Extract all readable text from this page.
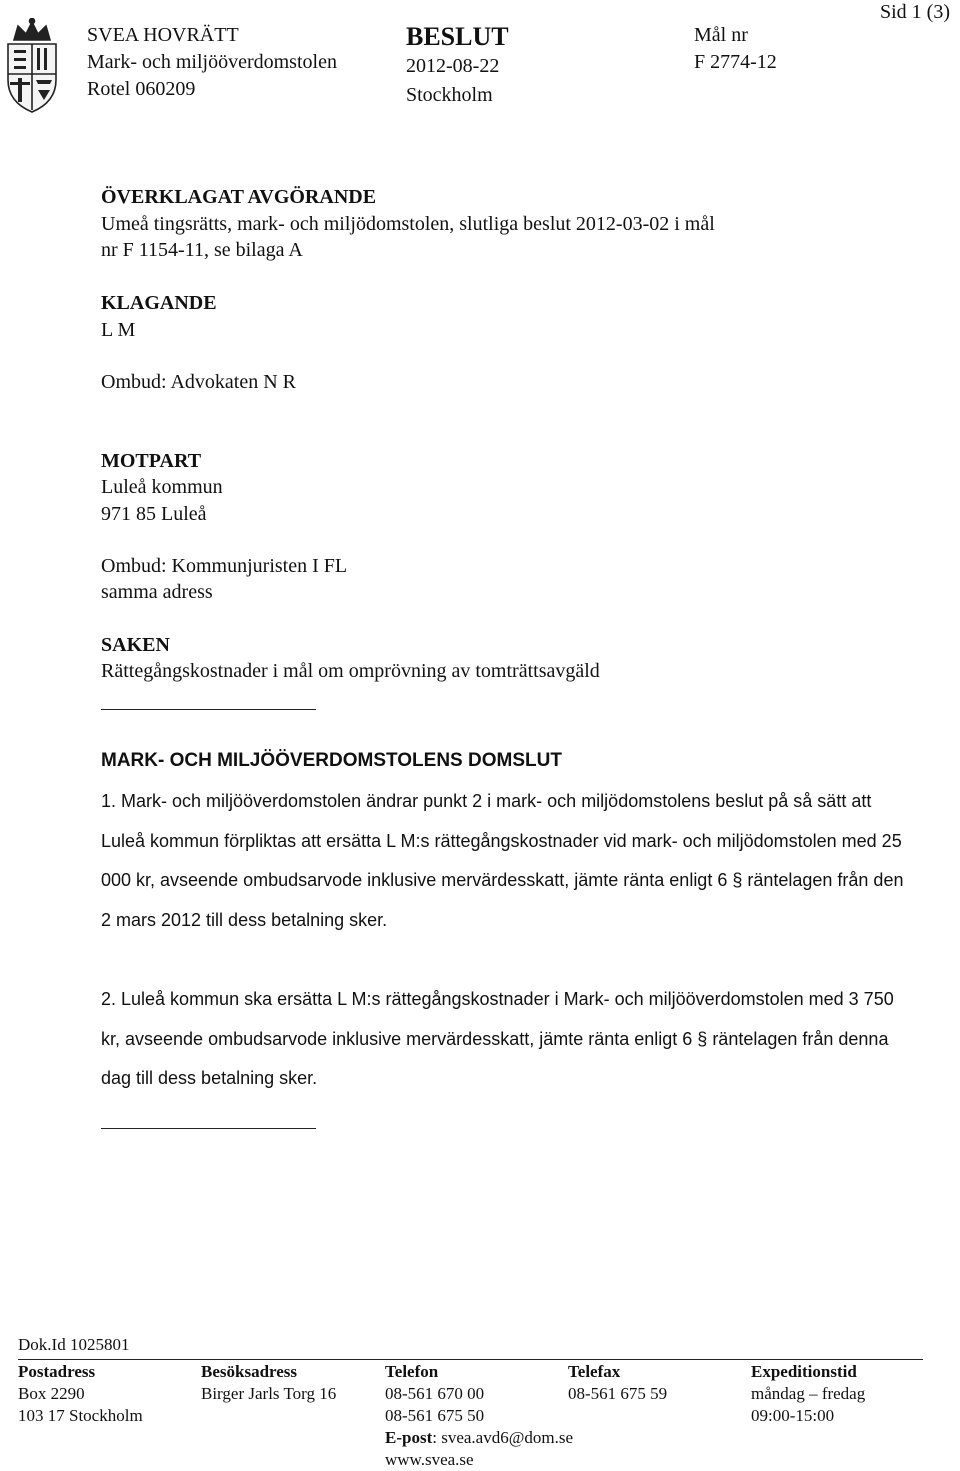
SVEA HOVRÄTT
Mark- och miljööverdomstolen
Rotel 060209
BESLUT
2012-08-22
Stockholm
Mål nr
F 2774-12
Sid 1 (3)
ÖVERKLAGAT AVGÖRANDE
Umeå tingsrätts, mark- och miljödomstolen, slutliga beslut 2012-03-02 i mål
nr F 1154-11, se bilaga A
KLAGANDE
L M
Ombud: Advokaten N R
MOTPART
Luleå kommun
971 85 Luleå
Ombud: Kommunjuristen I FL
samma adress
SAKEN
Rättegångskostnader i mål om omprövning av tomträttsavgäld
MARK- OCH MILJÖÖVERDOMSTOLENS DOMSLUT
1. Mark- och miljööverdomstolen ändrar punkt 2 i mark- och miljödomstolens beslut på så sätt att Luleå kommun förpliktas att ersätta L M:s rättegångskostnader vid mark- och miljödomstolen med 25 000 kr, avseende ombudsarvode inklusive mervärdesskatt, jämte ränta enligt 6 § räntelagen från den 2 mars 2012 till dess betalning sker.
2. Luleå kommun ska ersätta L M:s rättegångskostnader i Mark- och miljööverdomstolen med 3 750 kr, avseende ombudsarvode inklusive mervärdesskatt, jämte ränta enligt 6 § räntelagen från denna dag till dess betalning sker.
Dok.Id 1025801
Postadress
Box 2290
103 17 Stockholm
Besöksadress
Birger Jarls Torg 16
Telefon
08-561 670 00
08-561 675 50
E-post: svea.avd6@dom.se
www.svea.se
Telefax
08-561 675 59
Expeditionstid
måndag – fredag
09:00-15:00
